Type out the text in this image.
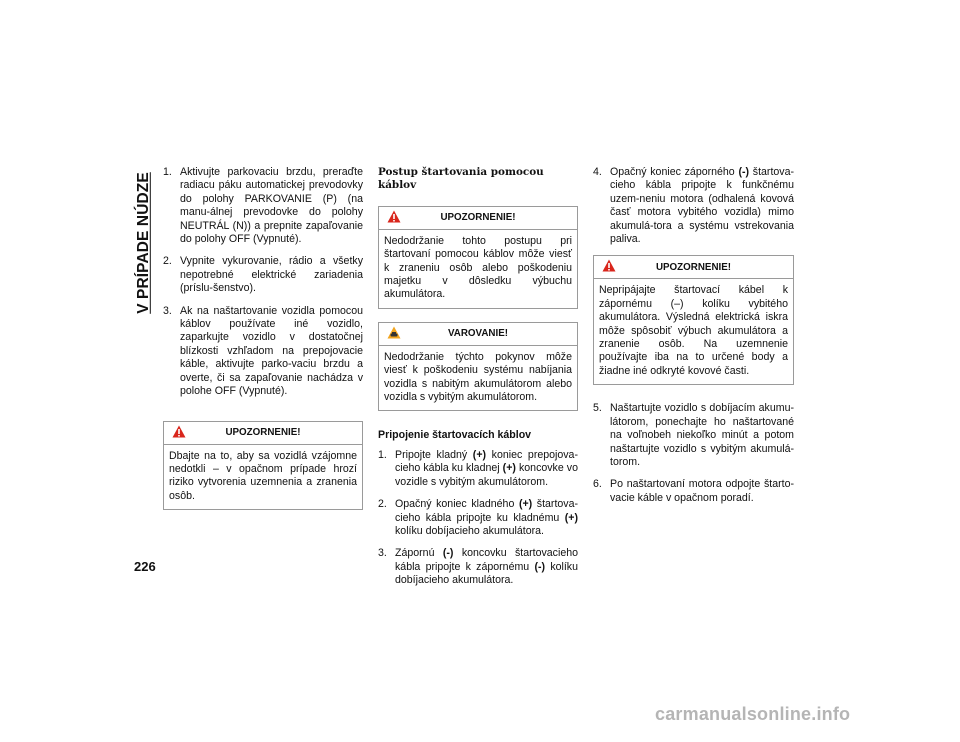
V PRÍPADE NÚDZE
1. Aktivujte parkovaciu brzdu, preraďte radiacu páku automatickej prevodovky do polohy PARKOVANIE (P) (na manu-álnej prevodovke do polohy NEUTRÁL (N)) a prepnite zapaľovanie do polohy OFF (Vypnuté).
2. Vypnite vykurovanie, rádio a všetky nepotrebné elektrické zariadenia (príslu-šenstvo).
3. Ak na naštartovanie vozidla pomocou káblov používate iné vozidlo, zaparkujte vozidlo v dostatočnej blízkosti vzhľadom na prepojovacie káble, aktivujte parko-vaciu brzdu a overte, či sa zapaľovanie nachádza v polohe OFF (Vypnuté).
UPOZORNENIE!
Dbajte na to, aby sa vozidlá vzájomne nedotkli – v opačnom prípade hrozí riziko vytvorenia uzemnenia a zranenia osôb.
Postup štartovania pomocou káblov
UPOZORNENIE!
Nedodržanie tohto postupu pri štartovaní pomocou káblov môže viesť k zraneniu osôb alebo poškodeniu majetku v dôsledku výbuchu akumulátora.
VAROVANIE!
Nedodržanie týchto pokynov môže viesť k poškodeniu systému nabíjania vozidla s nabitým akumulátorom alebo vozidla s vybitým akumulátorom.
Pripojenie štartovacích káblov
1. Pripojte kladný (+) koniec prepojova-cieho kábla ku kladnej (+) koncovke vo vozidle s vybitým akumulátorom.
2. Opačný koniec kladného (+) štartova-cieho kábla pripojte ku kladnému (+) kolíku dobíjacieho akumulátora.
3. Zápornú (-) koncovku štartovacieho kábla pripojte k zápornému (-) kolíku dobíjacieho akumulátora.
4. Opačný koniec záporného (-) štartova-cieho kábla pripojte k funkčnému uzem-neniu motora (odhalená kovová časť motora vybitého vozidla) mimo akumulá-tora a systému vstrekovania paliva.
UPOZORNENIE!
Nepripájajte štartovací kábel k zápornému (–) kolíku vybitého akumulátora. Výsledná elektrická iskra môže spôsobiť výbuch akumulátora a zranenie osôb. Na uzemnenie používajte iba na to určené body a žiadne iné odkryté kovové časti.
5. Naštartujte vozidlo s dobíjacím akumu-látorom, ponechajte ho naštartované na voľnobeh niekoľko minút a potom naštartujte vozidlo s vybitým akumulá-torom.
6. Po naštartovaní motora odpojte štarto-vacie káble v opačnom poradí.
226
carmanualsonline.info
